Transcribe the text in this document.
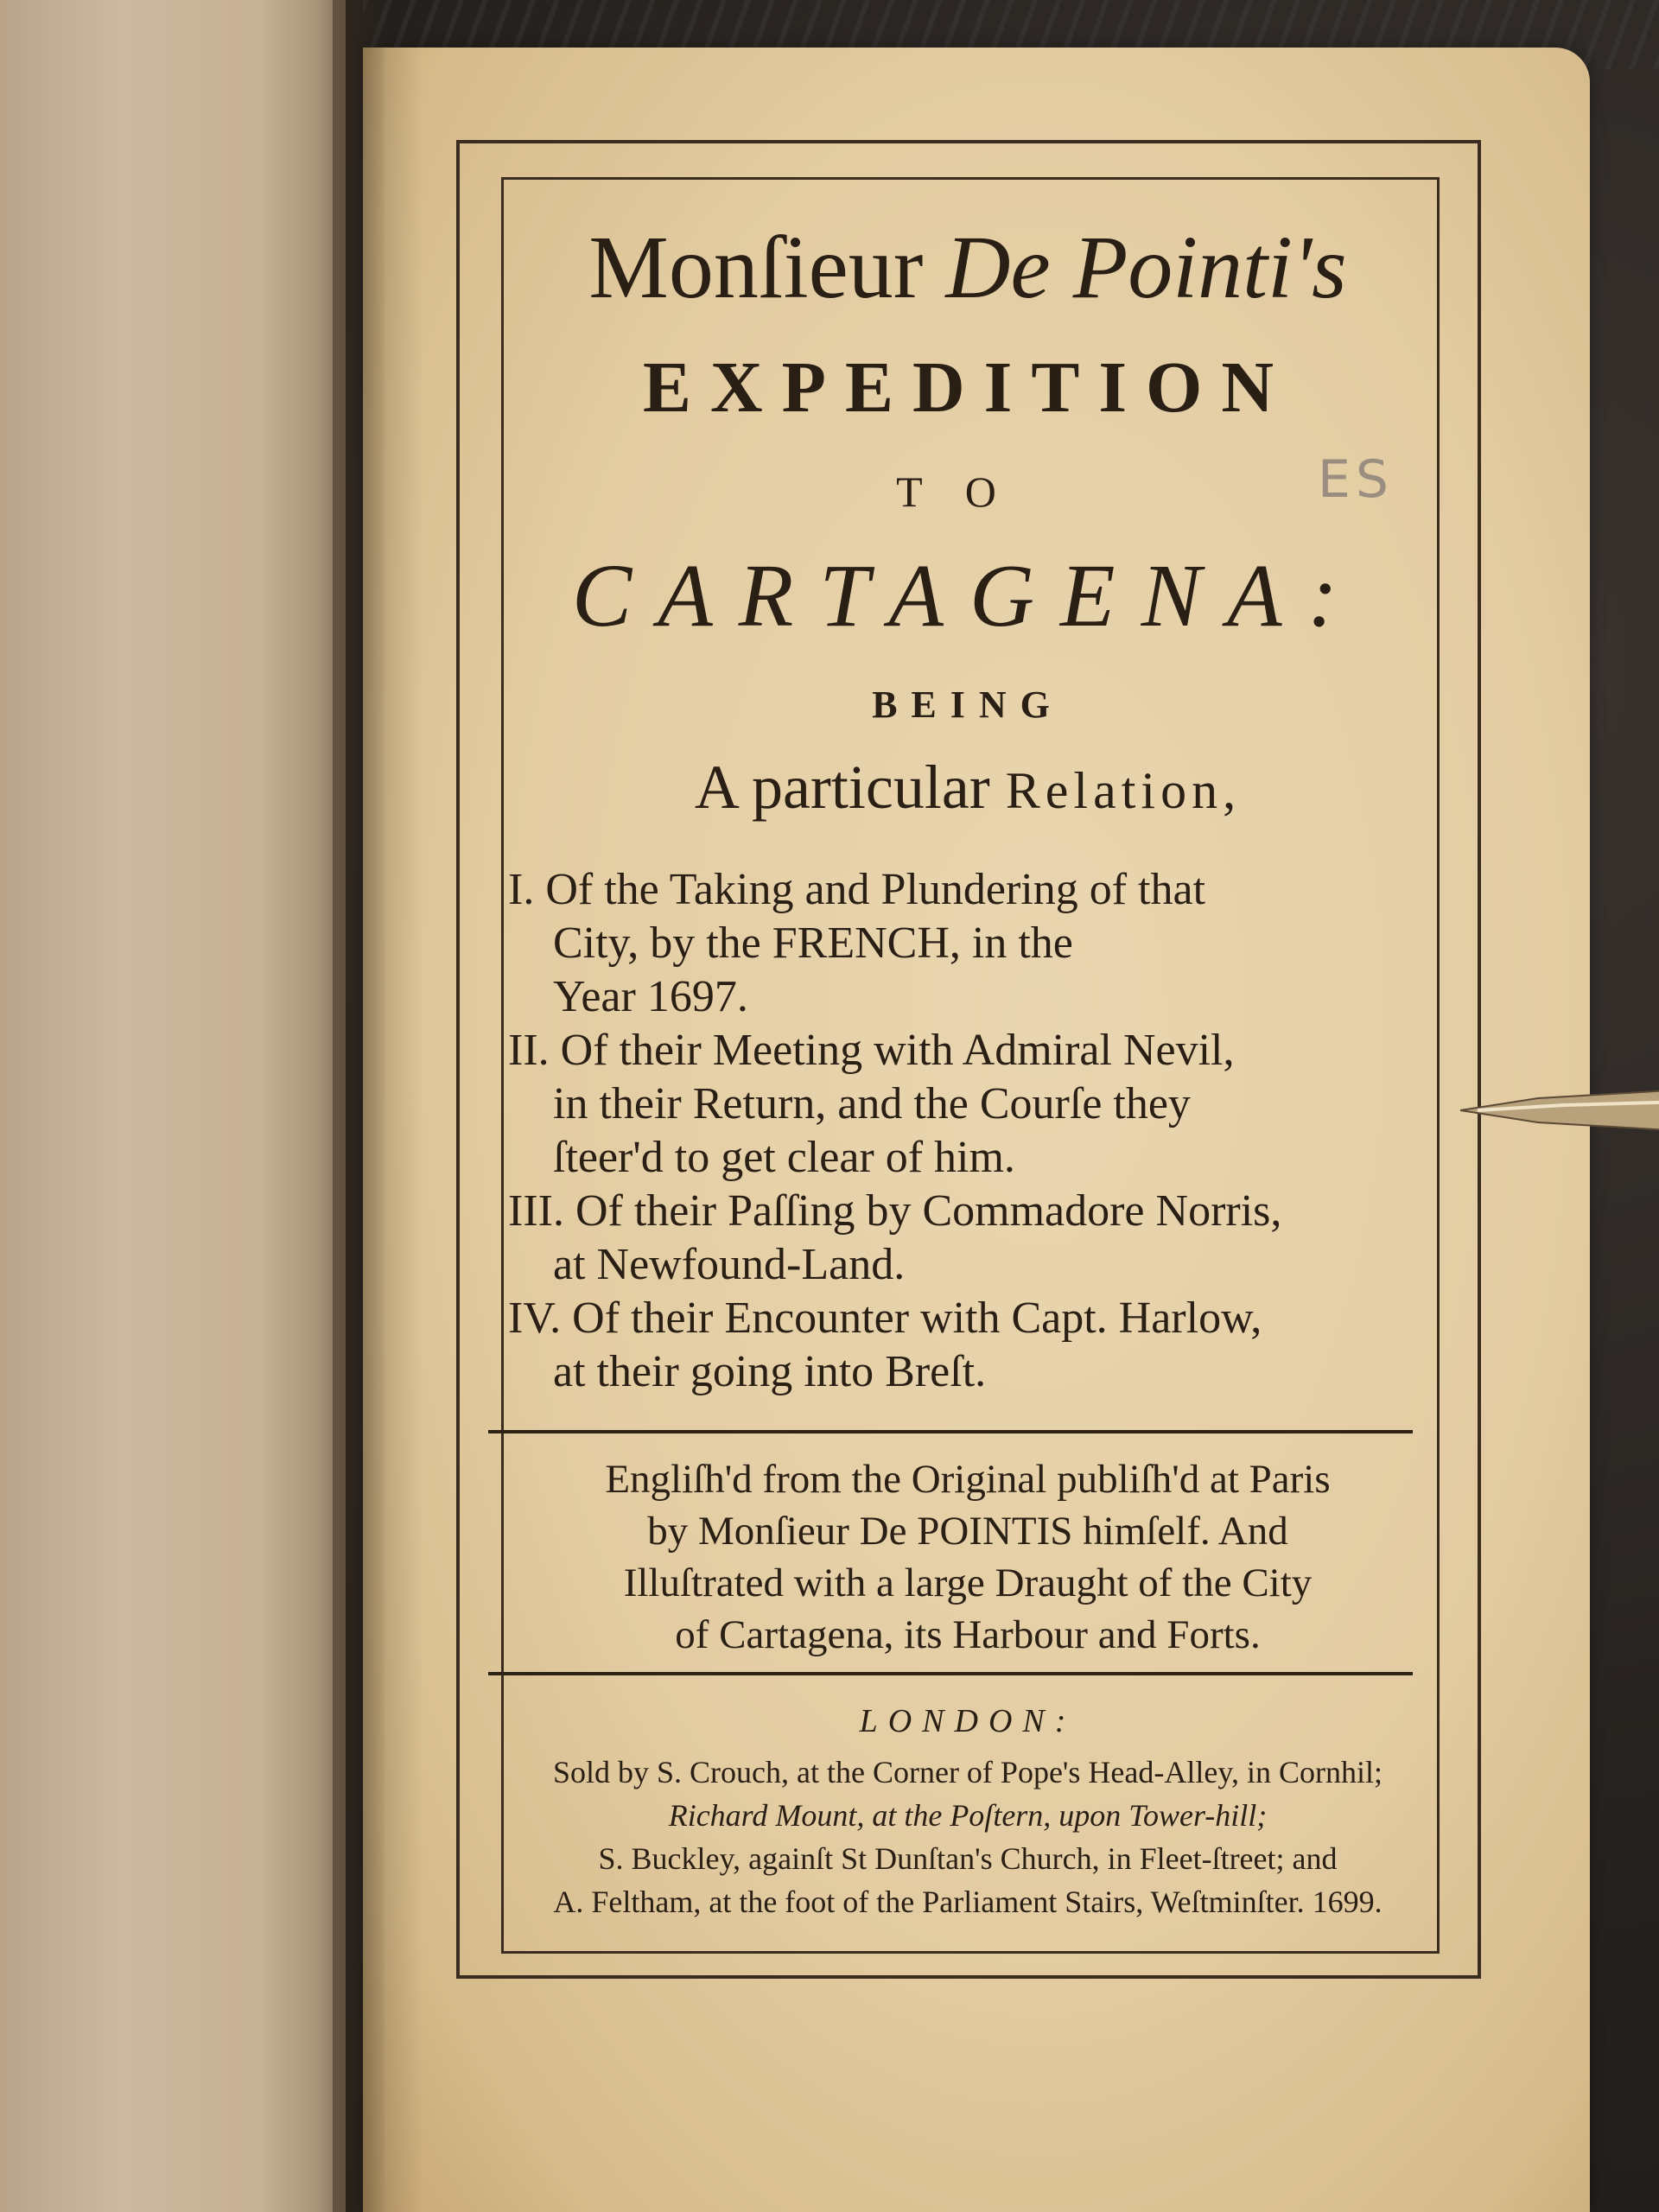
Monſieur De Pointi's

EXPEDITION

TO

CARTAGENA:

BEING

A particular Relation,

ES

I. Of the Taking and Plundering of that

City, by the FRENCH, in the

Year 1697.

II. Of their Meeting with Admiral Nevil,

in their Return, and the Courſe they

ſteer'd to get clear of him.

III. Of their Paſſing by Commadore Norris,

at Newfound-Land.

IV. Of their Encounter with Capt. Harlow,

at their going into Breſt.

Engliſh'd from the Original publiſh'd at Paris

by Monſieur De POINTIS himſelf. And

Illuſtrated with a large Draught of the City

of Cartagena, its Harbour and Forts.

LONDON:

Sold by S. Crouch, at the Corner of Pope's Head-Alley, in Cornhil;

Richard Mount, at the Poſtern, upon Tower-hill;

S. Buckley, againſt St Dunſtan's Church, in Fleet-ſtreet; and

A. Feltham, at the foot of the Parliament Stairs, Weſtminſter. 1699.
